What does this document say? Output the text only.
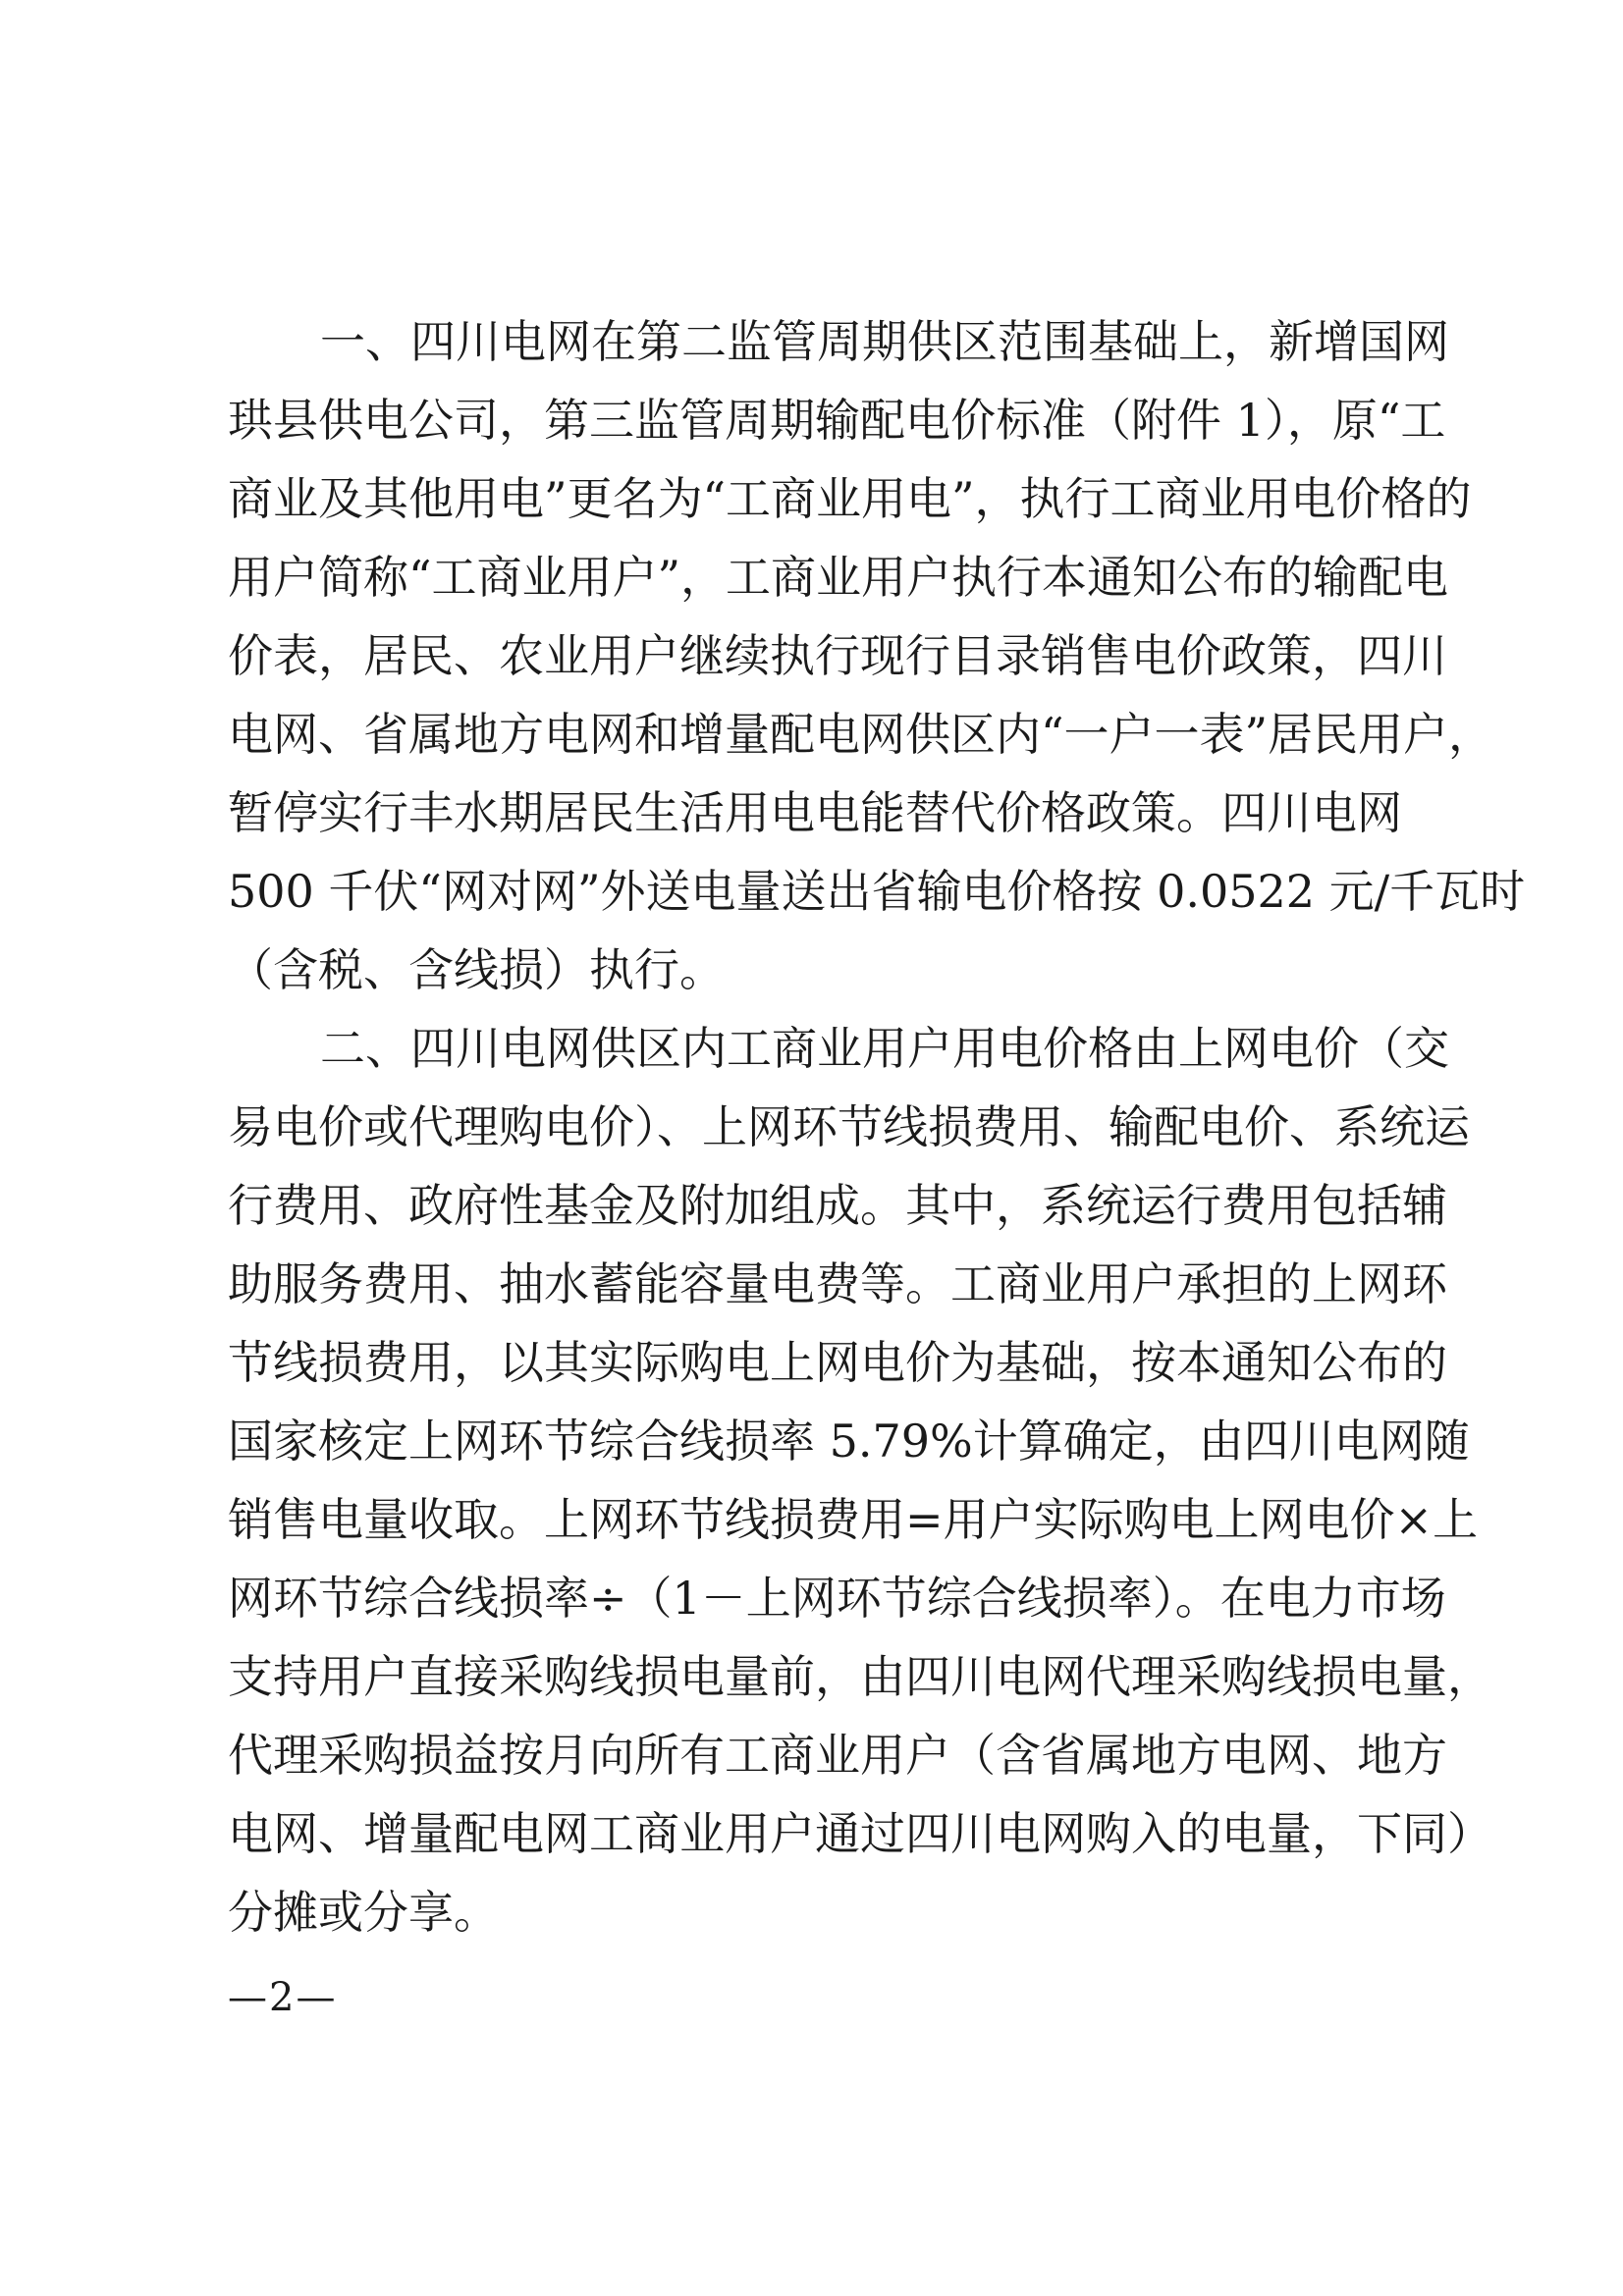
一、四川电网在第二监管周期供区范围基础上，新增国网
珙县供电公司，第三监管周期输配电价标准（附件 1），原“工
商业及其他用电”更名为“工商业用电”，执行工商业用电价格的
用户简称“工商业用户”，工商业用户执行本通知公布的输配电
价表，居民、农业用户继续执行现行目录销售电价政策，四川
电网、省属地方电网和增量配电网供区内“一户一表”居民用户，
暂停实行丰水期居民生活用电电能替代价格政策。四川电网
500 千伏“网对网”外送电量送出省输电价格按 0.0522 元/千瓦时
（含税、含线损）执行。
二、四川电网供区内工商业用户用电价格由上网电价（交
易电价或代理购电价）、上网环节线损费用、输配电价、系统运
行费用、政府性基金及附加组成。其中，系统运行费用包括辅
助服务费用、抽水蓄能容量电费等。工商业用户承担的上网环
节线损费用，以其实际购电上网电价为基础，按本通知公布的
国家核定上网环节综合线损率 5.79%计算确定，由四川电网随
销售电量收取。上网环节线损费用=用户实际购电上网电价×上
网环节综合线损率÷（1－上网环节综合线损率）。在电力市场
支持用户直接采购线损电量前，由四川电网代理采购线损电量，
代理采购损益按月向所有工商业用户（含省属地方电网、地方
电网、增量配电网工商业用户通过四川电网购入的电量，下同）
分摊或分享。
—2—
